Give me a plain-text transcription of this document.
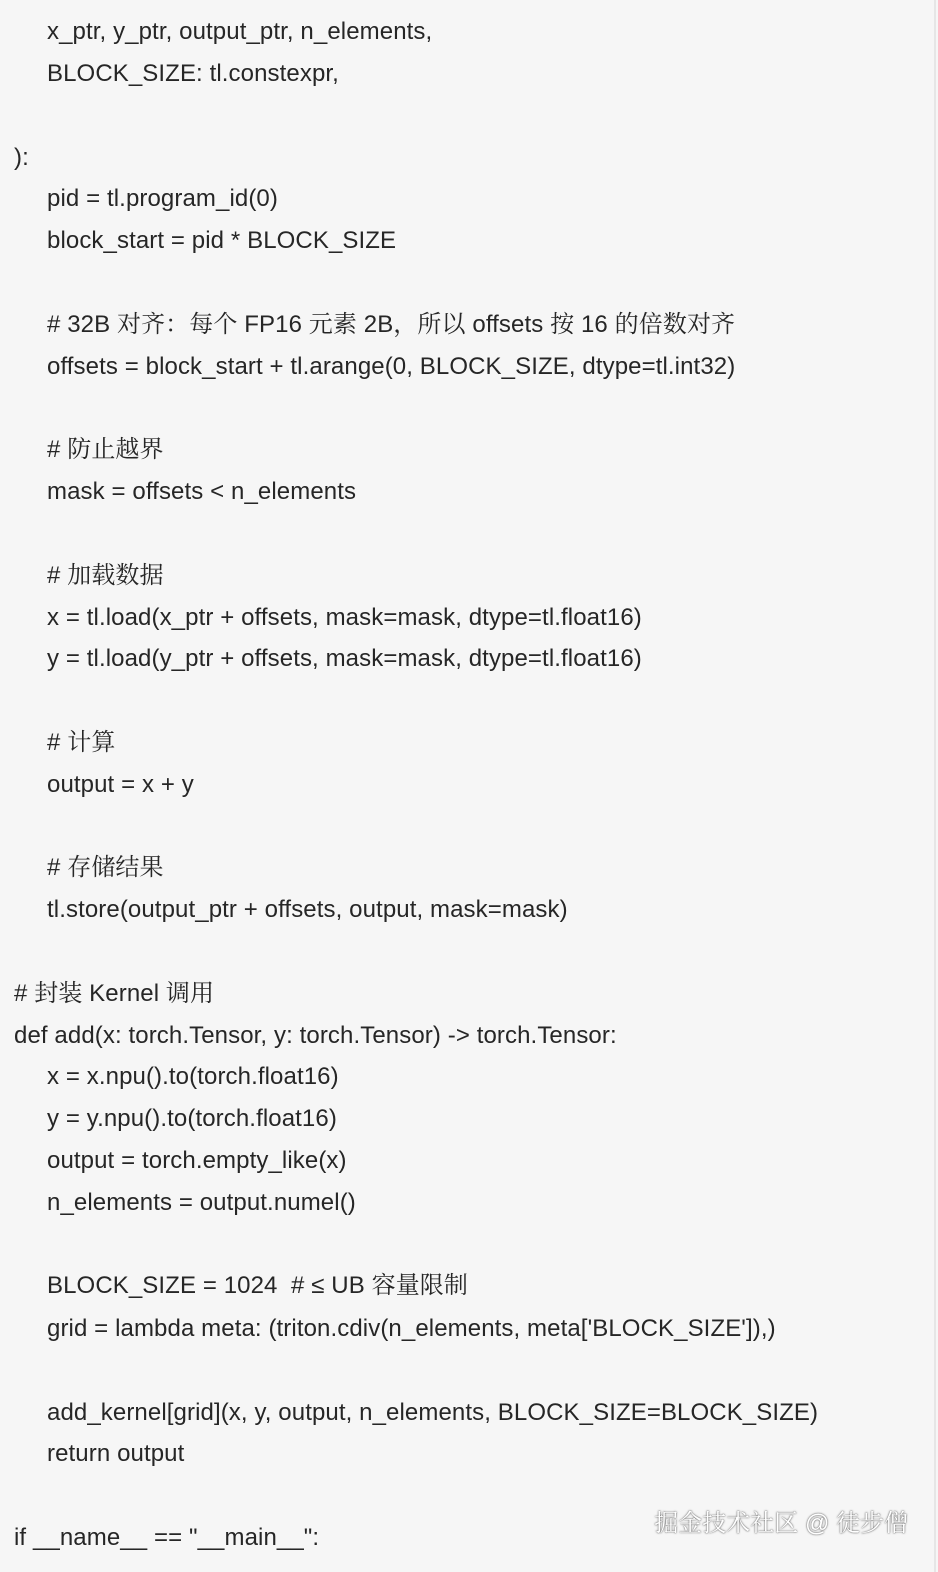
x_ptr, y_ptr, output_ptr, n_elements,
BLOCK_SIZE: tl.constexpr,
):
pid = tl.program_id(0)
block_start = pid * BLOCK_SIZE
# 32B 对齐：每个 FP16 元素 2B，所以 offsets 按 16 的倍数对齐
offsets = block_start + tl.arange(0, BLOCK_SIZE, dtype=tl.int32)
# 防止越界
mask = offsets < n_elements
# 加载数据
x = tl.load(x_ptr + offsets, mask=mask, dtype=tl.float16)
y = tl.load(y_ptr + offsets, mask=mask, dtype=tl.float16)
# 计算
output = x + y
# 存储结果
tl.store(output_ptr + offsets, output, mask=mask)
# 封装 Kernel 调用
def add(x: torch.Tensor, y: torch.Tensor) -> torch.Tensor:
x = x.npu().to(torch.float16)
y = y.npu().to(torch.float16)
output = torch.empty_like(x)
n_elements = output.numel()
BLOCK_SIZE = 1024  # ≤ UB 容量限制
grid = lambda meta: (triton.cdiv(n_elements, meta['BLOCK_SIZE']),)
add_kernel[grid](x, y, output, n_elements, BLOCK_SIZE=BLOCK_SIZE)
return output
if __name__ == "__main__":
掘金技术社区 @ 徒步僧
